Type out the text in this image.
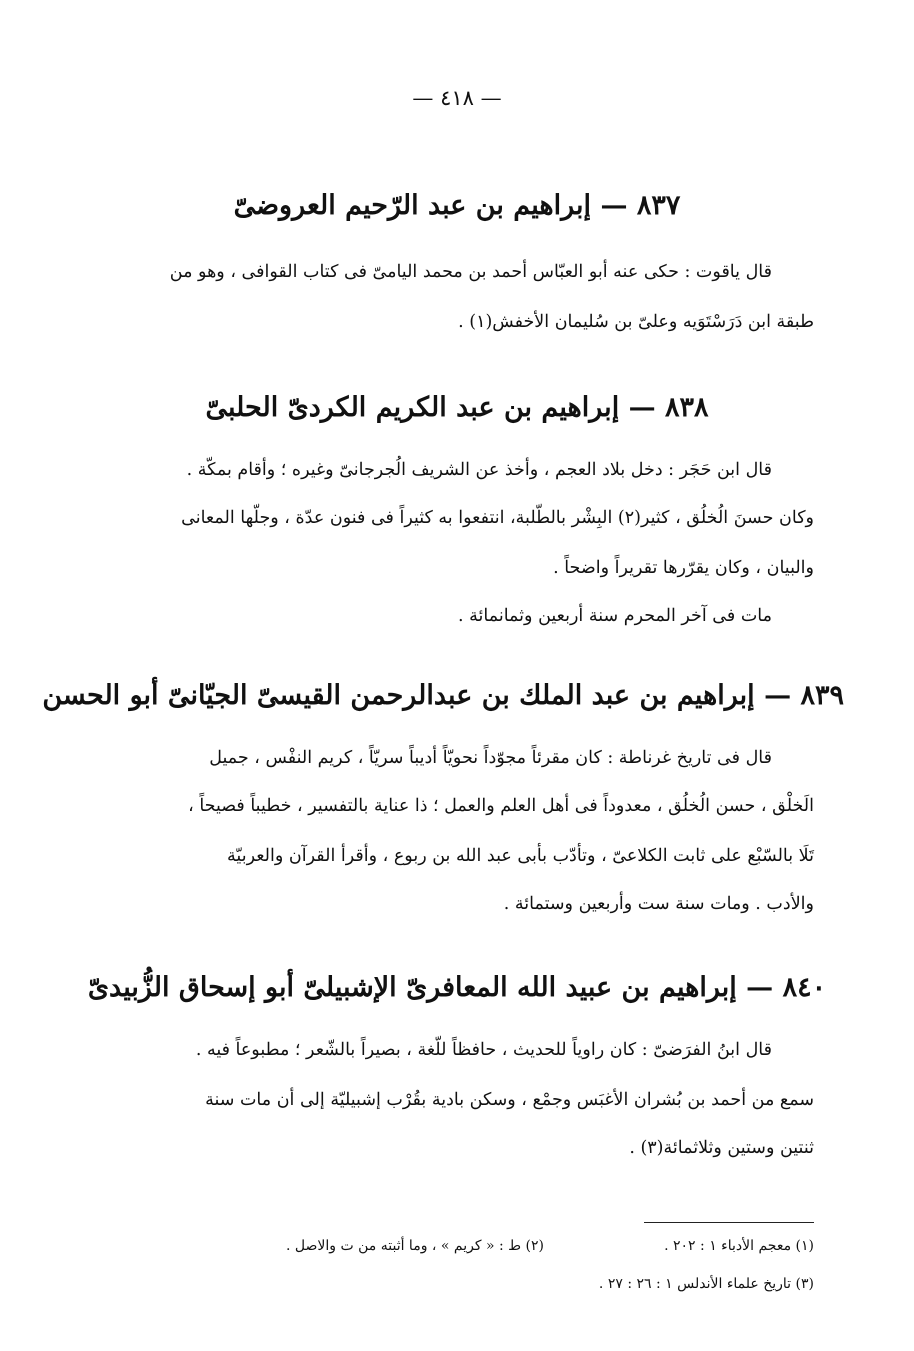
— ٤١٨ —
٨٣٧ — إبراهيم بن عبد الرّحيم العروضىّ
قال ياقوت : حكى عنه أبو العبّاس أحمد بن محمد اليامىّ فى كتاب القوافى ، وهو من
طبقة ابن دَرَسْتَوَيه وعلىّ بن سُليمان الأخفش(١) .
٨٣٨ — إبراهيم بن عبد الكريم الكردىّ الحلبىّ
قال ابن حَجَر : دخل بلاد العجم ، وأخذ عن الشريف الُجرجانىّ وغيره ؛ وأقام بمكّة .
وكان حسنَ الُخلُق ، كثير(٢) البِشْر بالطّلبة، انتفعوا به كثيراً فى فنون عدّة ، وجلّها المعانى
والبيان ، وكان يقرّرها تقريراً واضحاً .
مات فى آخر المحرم سنة أربعين وثمانمائة .
٨٣٩ — إبراهيم بن عبد الملك بن عبدالرحمن القيسىّ الجيّانىّ أبو الحسن
قال فى تاريخ غرناطة : كان مقرئاً مجوّداً نحويّاً أديباً سريّاً ، كريم النفْس ، جميل
الَخلْق ، حسن الُخلُق ، معدوداً فى أهل العلم والعمل ؛ ذا عناية بالتفسير ، خطيباً فصيحاً ،
تَلَا بالسّبْع على ثابت الكلاعىّ ، وتأدّب بأبى عبد الله بن ربوع ، وأقرأ القرآن والعربيّة
والأدب . ومات سنة ست وأربعين وستمائة .
٨٤٠ — إبراهيم بن عبيد الله المعافرىّ الإشبيلىّ أبو إسحاق الزُّبيدىّ
قال ابنُ الفرَضىّ : كان راوياً للحديث ، حافظاً للّغة ، بصيراً بالشّعر ؛ مطبوعاً فيه .
سمع من أحمد بن بُشران الأغبَس وجمْع ، وسكن بادية بقُرْب إشبيليّة إلى أن مات سنة
ثنتين وستين وثلاثمائة(٣) .
(١) معجم الأدباء ١ : ٢٠٢ .
(٢) ط : « كريم » ، وما أثبته من ت والاصل .
(٣) تاريخ علماء الأندلس ١ : ٢٦ : ٢٧ .
